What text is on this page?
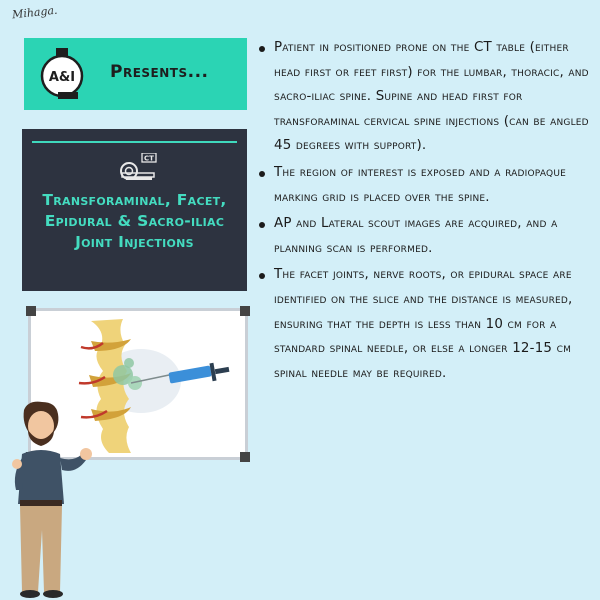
Mihaga.
A&I Presents...
CT
Transforaminal, Facet, Epidural & Sacro-iliac Joint Injections
Patient in positioned prone on the CT table (either head first or feet first) for the lumbar, thoracic, and sacro-iliac spine. Supine and head first for transforaminal cervical spine injections (can be angled 45 degrees with support).
The region of interest is exposed and a radiopaque marking grid is placed over the spine.
AP and Lateral scout images are acquired, and a planning scan is performed.
The facet joints, nerve roots, or epidural space are identified on the slice and the distance is measured, ensuring that the depth is less than 10 cm for a standard spinal needle, or else a longer 12-15 cm spinal needle may be required.
